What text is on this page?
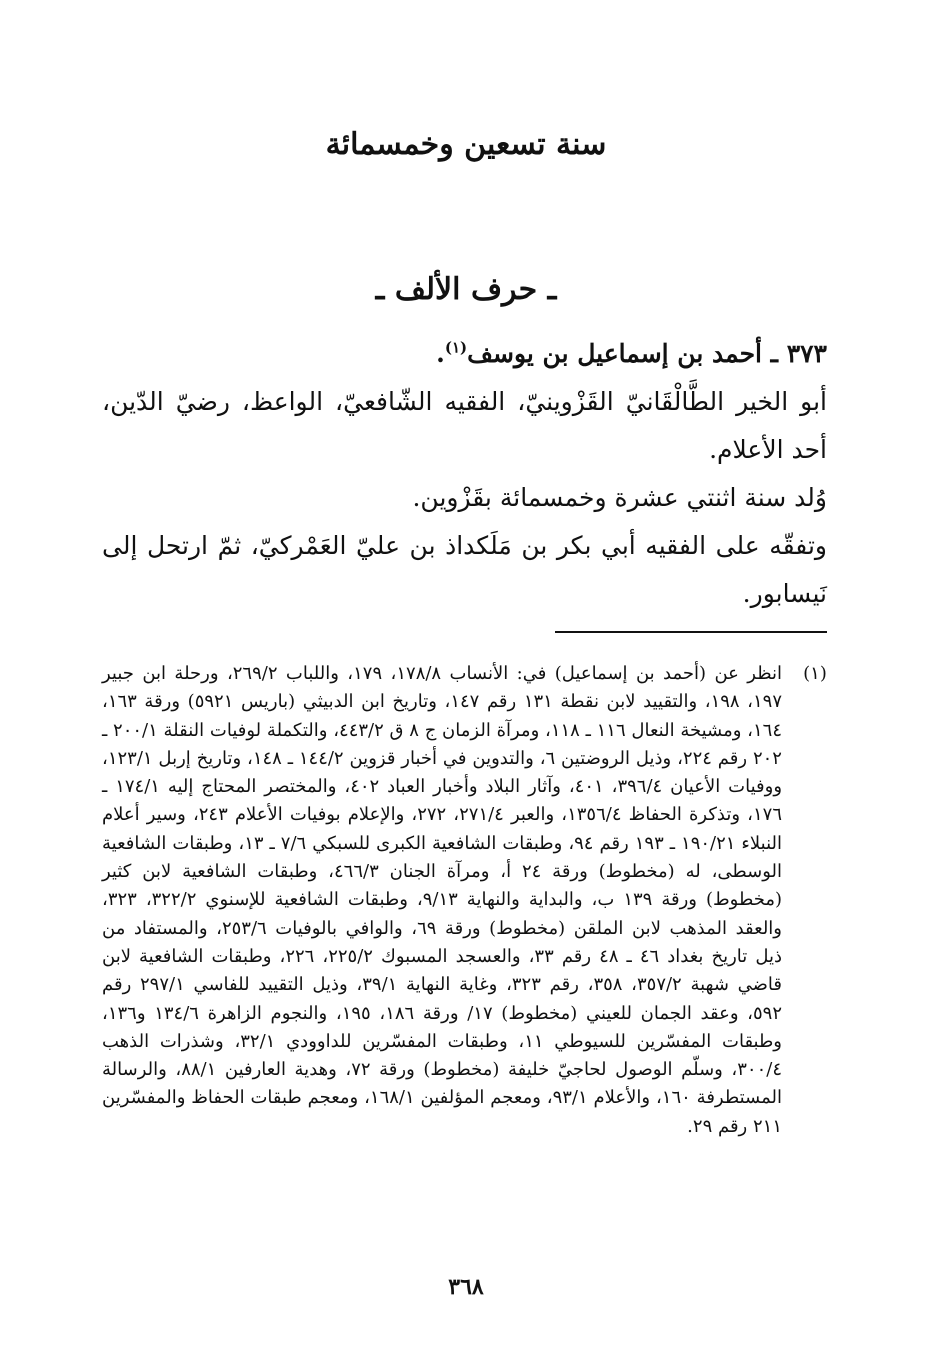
سنة تسعين وخمسمائة
ـ حرف الألف ـ

٣٧٣ ـ أحمد بن إسماعيل بن يوسف$^{(١)}$.

أبو الخير الطَّالْقَانيّ القَزْوينيّ، الفقيه الشّافعيّ، الواعظ، رضيّ الدّين، أحد الأعلام.

وُلد سنة اثنتي عشرة وخمسمائة بقَزْوين.

وتفقّه على الفقيه أبي بكر بن مَلَكداذ بن عليّ العَمْركيّ، ثمّ ارتحل إلى نَيسابور.

(١)

انظر عن (أحمد بن إسماعيل) في: الأنساب ١٧٨/٨، ١٧٩، واللباب ٢٦٩/٢، ورحلة ابن جبير ١٩٧، ١٩٨، والتقييد لابن نقطة ١٣١ رقم ١٤٧، وتاريخ ابن الدبيثي (باريس ٥٩٢١) ورقة ١٦٣، ١٦٤، ومشيخة النعال ١١٦ ـ ١١٨، ومرآة الزمان ج ٨ ق ٤٤٣/٢، والتكملة لوفيات النقلة ٢٠٠/١ ـ ٢٠٢ رقم ٢٢٤، وذيل الروضتين ٦، والتدوين في أخبار قزوين ١٤٤/٢ ـ ١٤٨، وتاريخ إربل ١٢٣/١، ووفيات الأعيان ٣٩٦/٤، ٤٠١، وآثار البلاد وأخبار العباد ٤٠٢، والمختصر المحتاج إليه ١٧٤/١ ـ ١٧٦، وتذكرة الحفاظ ١٣٥٦/٤، والعبر ٢٧١/٤، ٢٧٢، والإعلام بوفيات الأعلام ٢٤٣، وسير أعلام النبلاء ١٩٠/٢١ ـ ١٩٣ رقم ٩٤، وطبقات الشافعية الكبرى للسبكي ٧/٦ ـ ١٣، وطبقات الشافعية الوسطى، له (مخطوط) ورقة ٢٤ أ، ومرآة الجنان ٤٦٦/٣، وطبقات الشافعية لابن كثير (مخطوط) ورقة ١٣٩ ب، والبداية والنهاية ٩/١٣، وطبقات الشافعية للإسنوي ٣٢٢/٢، ٣٢٣، والعقد المذهب لابن الملقن (مخطوط) ورقة ٦٩، والوافي بالوفيات ٢٥٣/٦، والمستفاد من ذيل تاريخ بغداد ٤٦ ـ ٤٨ رقم ٣٣، والعسجد المسبوك ٢٢٥/٢، ٢٢٦، وطبقات الشافعية لابن قاضي شهبة ٣٥٧/٢، ٣٥٨، رقم ٣٢٣، وغاية النهاية ٣٩/١، وذيل التقييد للفاسي ٢٩٧/١ رقم ٥٩٢، وعقد الجمان للعيني (مخطوط) ١٧/ ورقة ١٨٦، ١٩٥، والنجوم الزاهرة ١٣٤/٦ و١٣٦، وطبقات المفسّرين للسيوطي ١١، وطبقات المفسّرين للداوودي ٣٢/١، وشذرات الذهب ٣٠٠/٤، وسلّم الوصول لحاجيّ خليفة (مخطوط) ورقة ٧٢، وهدية العارفين ٨٨/١، والرسالة المستطرفة ١٦٠، والأعلام ٩٣/١، ومعجم المؤلفين ١٦٨/١، ومعجم طبقات الحفاظ والمفسّرين ٢١١ رقم ٢٩.

٣٦٨
